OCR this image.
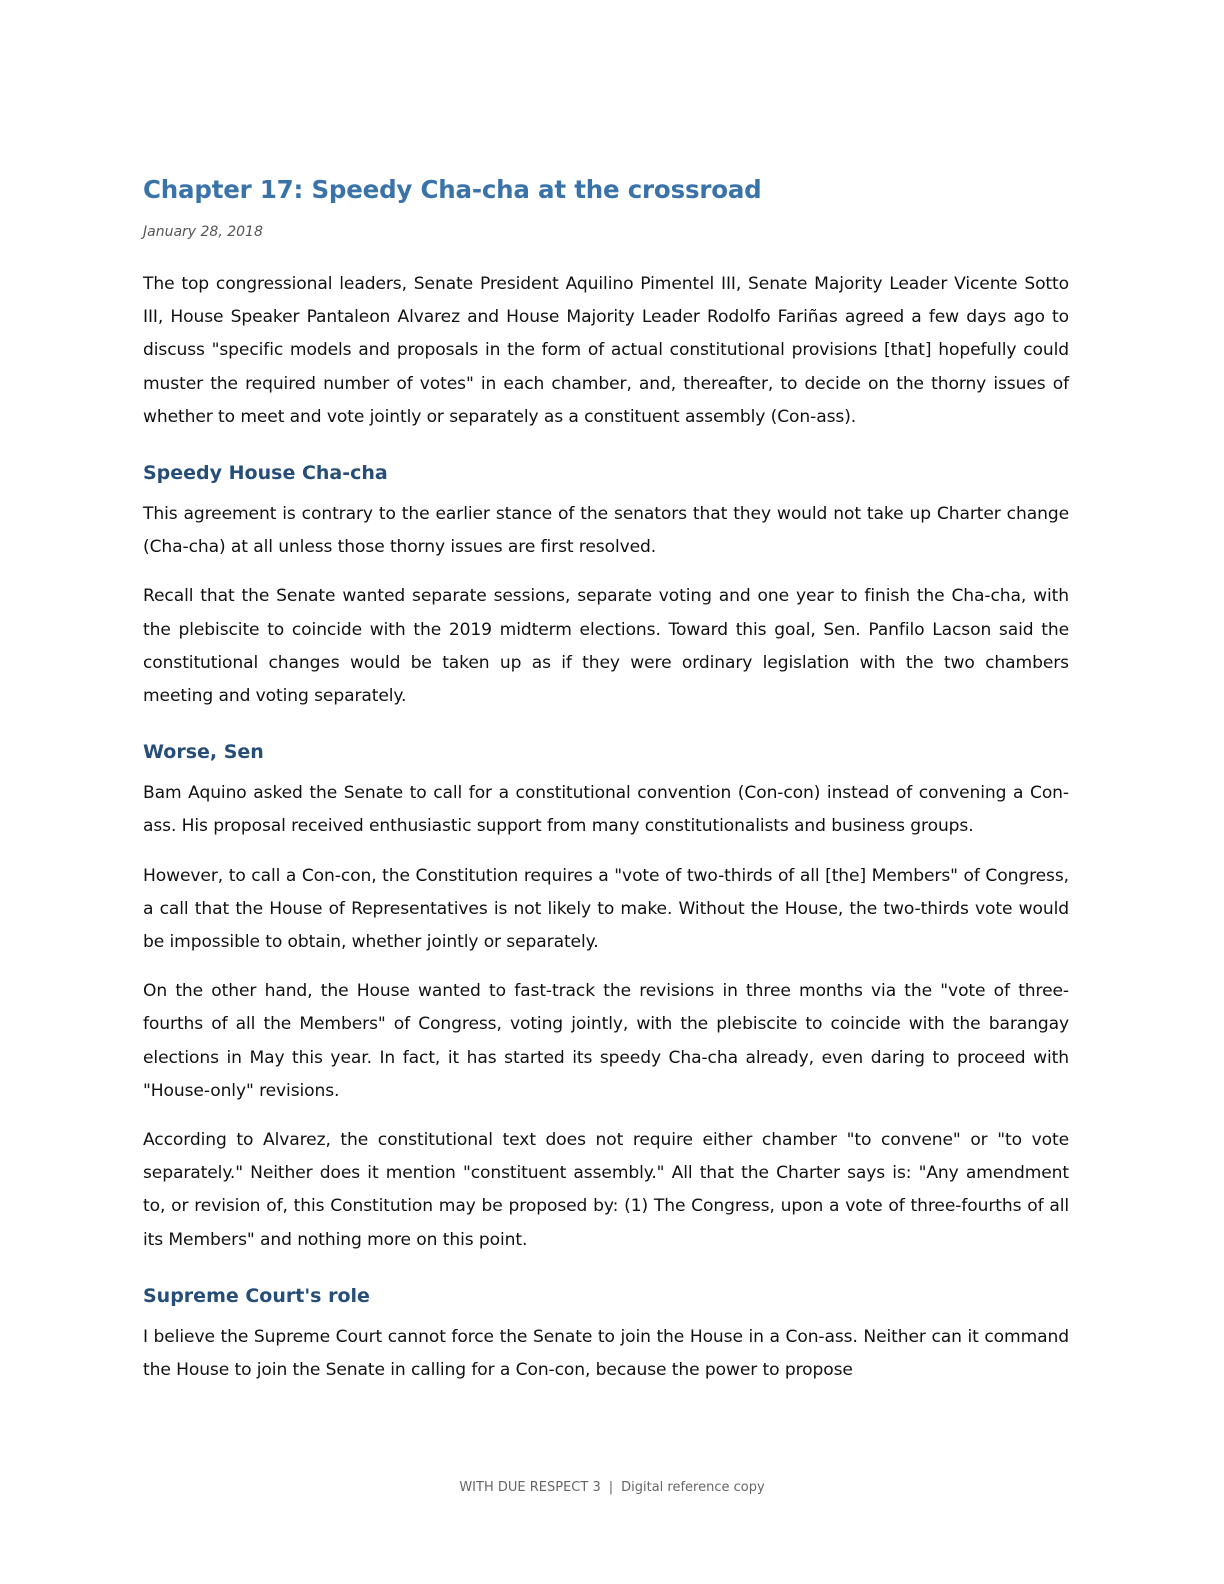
Chapter 17: Speedy Cha-cha at the crossroad
January 28, 2018

The top congressional leaders, Senate President Aquilino Pimentel III, Senate Majority Leader Vicente Sotto III, House Speaker Pantaleon Alvarez and House Majority Leader Rodolfo Fariñas agreed a few days ago to discuss "specific models and proposals in the form of actual constitutional provisions [that] hopefully could muster the required number of votes" in each chamber, and, thereafter, to decide on the thorny issues of whether to meet and vote jointly or separately as a constituent assembly (Con-ass).

Speedy House Cha-cha

This agreement is contrary to the earlier stance of the senators that they would not take up Charter change (Cha-cha) at all unless those thorny issues are first resolved.

Recall that the Senate wanted separate sessions, separate voting and one year to finish the Cha-cha, with the plebiscite to coincide with the 2019 midterm elections. Toward this goal, Sen. Panfilo Lacson said the constitutional changes would be taken up as if they were ordinary legislation with the two chambers meeting and voting separately.

Worse, Sen

Bam Aquino asked the Senate to call for a constitutional convention (Con-con) instead of convening a Con-ass. His proposal received enthusiastic support from many constitutionalists and business groups.

However, to call a Con-con, the Constitution requires a "vote of two-thirds of all [the] Members" of Congress, a call that the House of Representatives is not likely to make. Without the House, the two-thirds vote would be impossible to obtain, whether jointly or separately.

On the other hand, the House wanted to fast-track the revisions in three months via the "vote of three-fourths of all the Members" of Congress, voting jointly, with the plebiscite to coincide with the barangay elections in May this year. In fact, it has started its speedy Cha-cha already, even daring to proceed with "House-only" revisions.

According to Alvarez, the constitutional text does not require either chamber "to convene" or "to vote separately." Neither does it mention "constituent assembly." All that the Charter says is: "Any amendment to, or revision of, this Constitution may be proposed by: (1) The Congress, upon a vote of three-fourths of all its Members" and nothing more on this point.

Supreme Court's role

I believe the Supreme Court cannot force the Senate to join the House in a Con-ass. Neither can it command the House to join the Senate in calling for a Con-con, because the power to propose

WITH DUE RESPECT 3 | Digital reference copy
